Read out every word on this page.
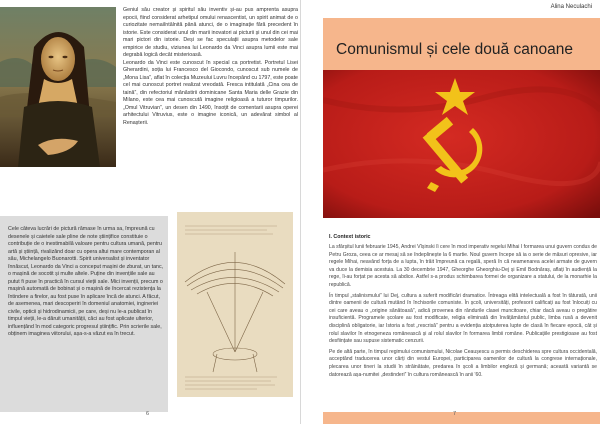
Geniul său creator și spiritul său inventiv și-au pus amprenta asupra epocii, fiind considerat arhetipul omului renascentist, un spirit animat de o curiozitate nemaiîntâlnită până atunci, de o imaginație fără precedent în istorie. Este considerat unul din marii inovatori ai picturii și unul din cei mai mari pictori din istorie. Deși se fac speculații asupra metodelor sale empirice de studiu, viziunea lui Leonardo da Vinci asupra lumii este mai degrabă logică decât misterioasă.

Leonardo da Vinci este cunoscut în special ca portretist. Portretul Lisei Gherardini, soția lui Francesco del Giocondo, cunoscut sub numele de „Mona Lisa”, aflat în colecția Muzeului Luvru începând cu 1797, este poate cel mai cunoscut portret realizat vreodată. Fresca intitulată „Cina cea de taină”, din refectoriul mănăstirii dominicane Santa Maria delle Grazie din Milano, este cea mai cunoscută imagine religioasă a tuturor timpurilor. „Omul Vitruvian”, un desen din 1490, însoțit de comentarii asupra operei arhitectului Vitruvius, este o imagine iconică, un adevărat simbol al Renașterii.

Cele câteva lucrări de pictură rămase în urma sa, împreună cu desenele și caietele sale pline de note științifice constituie o contribuție de o inestimabilă valoare pentru cultura umană, pentru artă și știință, rivalizând doar cu opera altui mare contemporan al său, Michelangelo Buonarotti. Spirit universalist și inventator înnăscut, Leonardo da Vinci a conceput mașini de zburat, un tanc, o mașină de socotit și multe altele. Puține din invențiile sale au putut fi puse în practică în cursul vieții sale. Mici invenții, precum o mașină automată de bobinat și o mașină de încercat rezistența la întindere a firelor, au fost puse în aplicare încă de atunci. A făcut, de asemenea, mari descoperiri în domeniul anatomiei, ingineriei civile, opticii și hidrodinamicii, pe care, deși nu le-a publicat în timpul vieții, le-a dăruit umanității, căci au fost aplicate ulterior, influențând în mod categoric progresul științific. Prin scrierile sale, obținem imaginea viitorului, așa-s-a văzut ea în trecut.
6
Alina Neculachi
Comunismul și cele două canoane
I. Context istoric

La sfârșitul lunii februarie 1945, Andrei Vîșinski îi cere în mod imperativ regelui Mihai I formarea unui guvern condus de Petru Groza, ceea ce ar mesaj să se îndeplinește la 6 martie. Noul guvern începe să ia o serie de măsuri opresive, iar regele Mihai, neavând forța de a lupta, în trăit împreună ca regală, speră în că neamenarea acelei armate de guvern va duce la demisia acestuia. La 30 decembrie 1947, Gheorghe Gheorghiu-Dej și Emil Bodnăraș, aflați în audiență la rege, îi-au forțat pe acesta să abdice. Astfel s-a produs schimbarea formei de organizare a statului, de la monarhie la republică.

În timpul „stalinismului” lui Dej, cultura a suferit modificări dramatice. Întreaga elită intelectuală a fost în tăturată, unii dintre oamenii de cultură mutând în închisorile comuniste. În școli, universități, profesorii calificați au fost înlocuiți cu cei care aveau o „origine sănătoasă”, adică provenea din rândurile clasei muncitoare, chiar dacă aveau o pregătire insuficientă. Programele școlare au fost modificate, religia eliminată din învățământul public, limba rusă a devenit disciplină obligatorie, iar Istoria a fost „rescrisă” pentru a evidenția atotputerea lupte de clasă în fiecare epocă, cât și rolul slavilor în etnogeneza românească și al rolul slavilor în formarea limbii române. Publicațiile prestigioase au fost desființate sau supuse sistematic cenzurii.

Pe de altă parte, în timpul regimului comunismului, Nicolae Ceaușescu a permis deschiderea spre cultura occidentală, acceptând traducerea unor cărți din vestul Europei, participarea oamenilor de cultură la congrese internaționale, plecarea unor tineri la studii în străinătate, predarea în școli a limbilor engleză și germană; această variantă se datorează așa-numitei „destinderi” în cultura românească în anii '60.

7
